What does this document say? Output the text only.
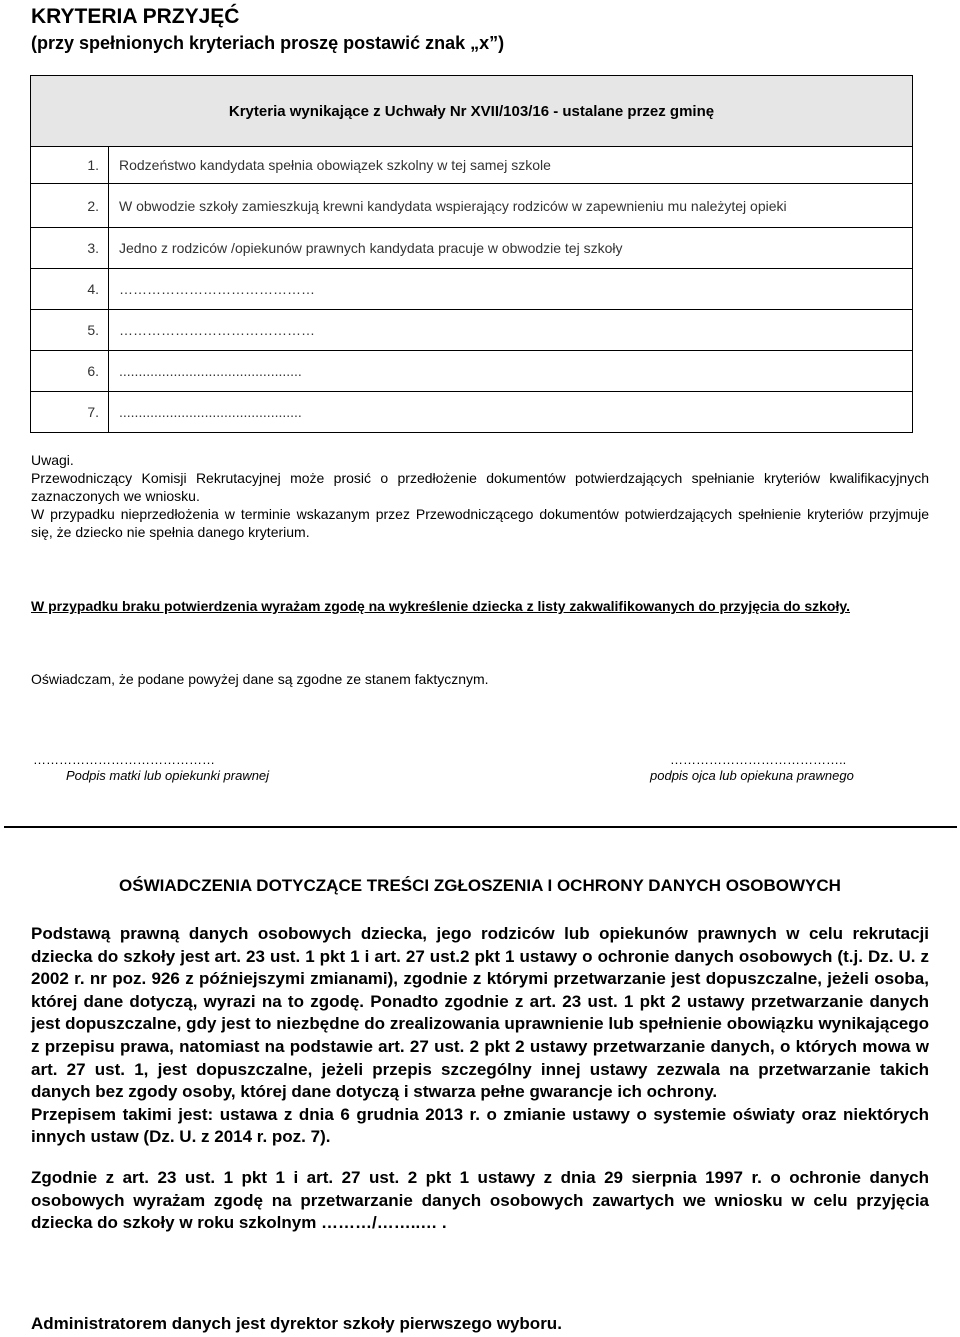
KRYTERIA PRZYJĘĆ
(przy spełnionych kryteriach proszę postawić znak „x”)
Kryteria wynikające z Uchwały Nr XVII/103/16 - ustalane przez gminę	
1.	Rodzeństwo kandydata spełnia obowiązek szkolny w tej samej szkole
2.	W obwodzie szkoły zamieszkują krewni kandydata wspierający rodziców w zapewnieniu mu należytej opieki
3.	Jedno z rodziców /opiekunów prawnych kandydata pracuje w obwodzie tej szkoły
4.	……………………………………
5.	……………………………………
6.	...............................................
7.	...............................................

Uwagi.

Przewodniczący Komisji Rekrutacyjnej może prosić o przedłożenie dokumentów potwierdzających spełnianie kryteriów kwalifikacyjnych zaznaczonych we wniosku.

W przypadku nieprzedłożenia w terminie wskazanym przez Przewodniczącego dokumentów potwierdzających spełnienie kryteriów przyjmuje się, że dziecko nie spełnia danego kryterium.

W przypadku braku potwierdzenia wyrażam zgodę na wykreślenie dziecka z listy zakwalifikowanych do przyjęcia do szkoły.
Oświadczam, że podane powyżej dane są zgodne ze stanem faktycznym.
……………………………………
Podpis matki lub opiekunki prawnej
…………………………………..
podpis ojca lub opiekuna prawnego
OŚWIADCZENIA DOTYCZĄCE TREŚCI ZGŁOSZENIA I OCHRONY DANYCH OSOBOWYCH

Podstawą prawną danych osobowych dziecka, jego rodziców lub opiekunów prawnych w celu rekrutacji dziecka do szkoły jest art. 23 ust. 1 pkt 1 i art. 27 ust.2 pkt 1 ustawy o ochronie danych osobowych (t.j. Dz. U. z 2002 r. nr poz. 926 z późniejszymi zmianami), zgodnie z którymi przetwarzanie jest dopuszczalne, jeżeli osoba, której dane dotyczą, wyrazi na to zgodę. Ponadto zgodnie z art. 23 ust. 1 pkt 2 ustawy przetwarzanie danych jest dopuszczalne, gdy jest to niezbędne do zrealizowania uprawnienie lub spełnienie obowiązku wynikającego z przepisu prawa, natomiast na podstawie art. 27 ust. 2 pkt 2 ustawy przetwarzanie danych, o których mowa w art. 27 ust. 1, jest dopuszczalne, jeżeli przepis szczególny innej ustawy zezwala na przetwarzanie takich danych bez zgody osoby, której dane dotyczą i stwarza pełne gwarancje ich ochrony.

Przepisem takimi jest: ustawa z dnia 6 grudnia 2013 r. o zmianie ustawy o systemie oświaty oraz niektórych innych ustaw (Dz. U. z 2014 r. poz. 7).

Zgodnie z art. 23 ust. 1 pkt 1 i art. 27 ust. 2 pkt 1 ustawy z dnia 29 sierpnia 1997 r. o ochronie danych osobowych wyrażam zgodę na przetwarzanie danych osobowych zawartych we wniosku w celu przyjęcia dziecka do szkoły w roku szkolnym ………/……..… .

Administratorem danych jest dyrektor szkoły pierwszego wyboru.
